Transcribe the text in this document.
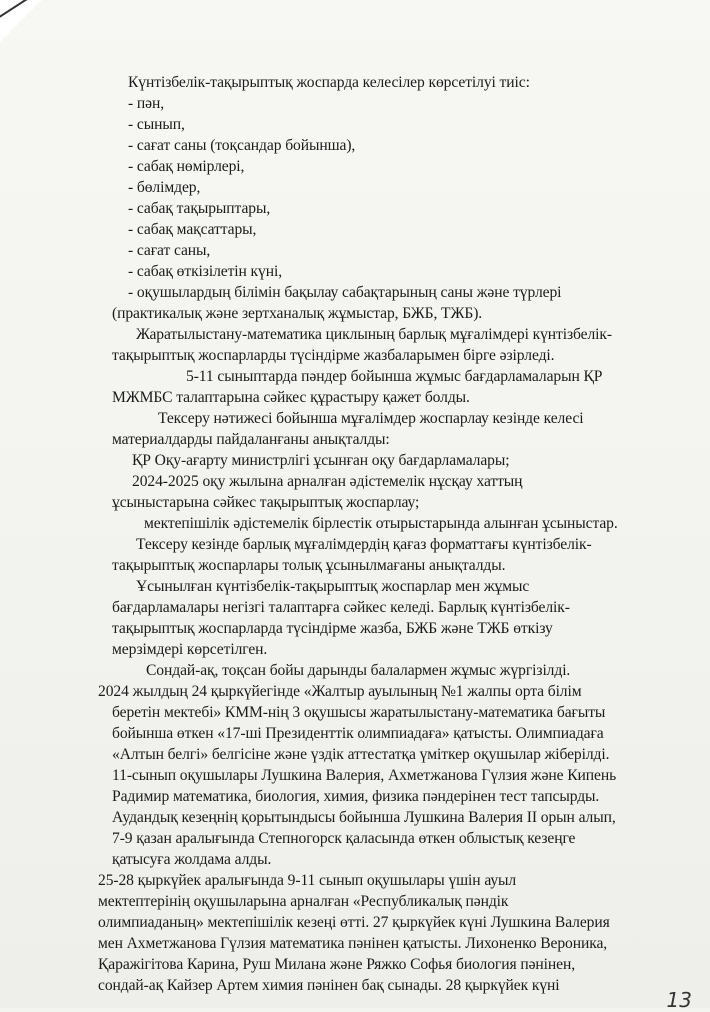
Күнтізбелік-тақырыптық жоспарда келесілер көрсетілуі тиіс:
- пән,
- сынып,
- сағат саны (тоқсандар бойынша),
- сабақ нөмірлері,
- бөлімдер,
- сабақ тақырыптары,
- сабақ мақсаттары,
- сағат саны,
- сабақ өткізілетін күні,
- оқушылардың білімін бақылау сабақтарының саны және түрлері
(практикалық және зертханалық жұмыстар, БЖБ, ТЖБ).
Жаратылыстану-математика циклының барлық мұғалімдері күнтізбелік-
тақырыптық жоспарларды түсіндірме жазбаларымен бірге әзірледі.
5-11 сыныптарда пәндер бойынша жұмыс бағдарламаларын ҚР
МЖМБС талаптарына сәйкес құрастыру қажет болды.
Тексеру нәтижесі бойынша мұғалімдер жоспарлау кезінде келесі
материалдарды пайдаланғаны анықталды:
ҚР Оқу-ағарту министрлігі ұсынған оқу бағдарламалары;
2024-2025 оқу жылына арналған әдістемелік нұсқау хаттың
ұсыныстарына сәйкес тақырыптық жоспарлау;
мектепішілік әдістемелік бірлестік отырыстарында алынған ұсыныстар.
Тексеру кезінде барлық мұғалімдердің қағаз форматтағы күнтізбелік-
тақырыптық жоспарлары толық ұсынылмағаны анықталды.
Ұсынылған күнтізбелік-тақырыптық жоспарлар мен жұмыс
бағдарламалары негізгі талаптарға сәйкес келеді. Барлық күнтізбелік-
тақырыптық жоспарларда түсіндірме жазба, БЖБ және ТЖБ өткізу
мерзімдері көрсетілген.
Сондай-ақ, тоқсан бойы дарынды балалармен жұмыс жүргізілді.
2024 жылдың 24 қыркүйегінде «Жалтыр ауылының №1 жалпы орта білім
беретін мектебі» КММ-нің 3 оқушысы жаратылыстану-математика бағыты
бойынша өткен «17-ші Президенттік олимпиадаға» қатысты. Олимпиадаға
«Алтын белгі» белгісіне және үздік аттестатқа үміткер оқушылар жіберілді.
11-сынып оқушылары Лушкина Валерия, Ахметжанова Гүлзия және Кипень
Радимир математика, биология, химия, физика пәндерінен тест тапсырды.
Аудандық кезеңнің қорытындысы бойынша Лушкина Валерия II орын алып,
7-9 қазан аралығында Степногорск қаласында өткен облыстық кезеңге
қатысуға жолдама алды.
25-28 қыркүйек аралығында 9-11 сынып оқушылары үшін ауыл
мектептерінің оқушыларына арналған «Республикалық пәндік
олимпиаданың» мектепішілік кезеңі өтті. 27 қыркүйек күні Лушкина Валерия
мен Ахметжанова Гүлзия математика пәнінен қатысты. Лихоненко Вероника,
Қаражігітова Карина, Руш Милана және Ряжко Софья биология пәнінен,
сондай-ақ Кайзер Артем химия пәнінен бақ сынады. 28 қыркүйек күні
13
